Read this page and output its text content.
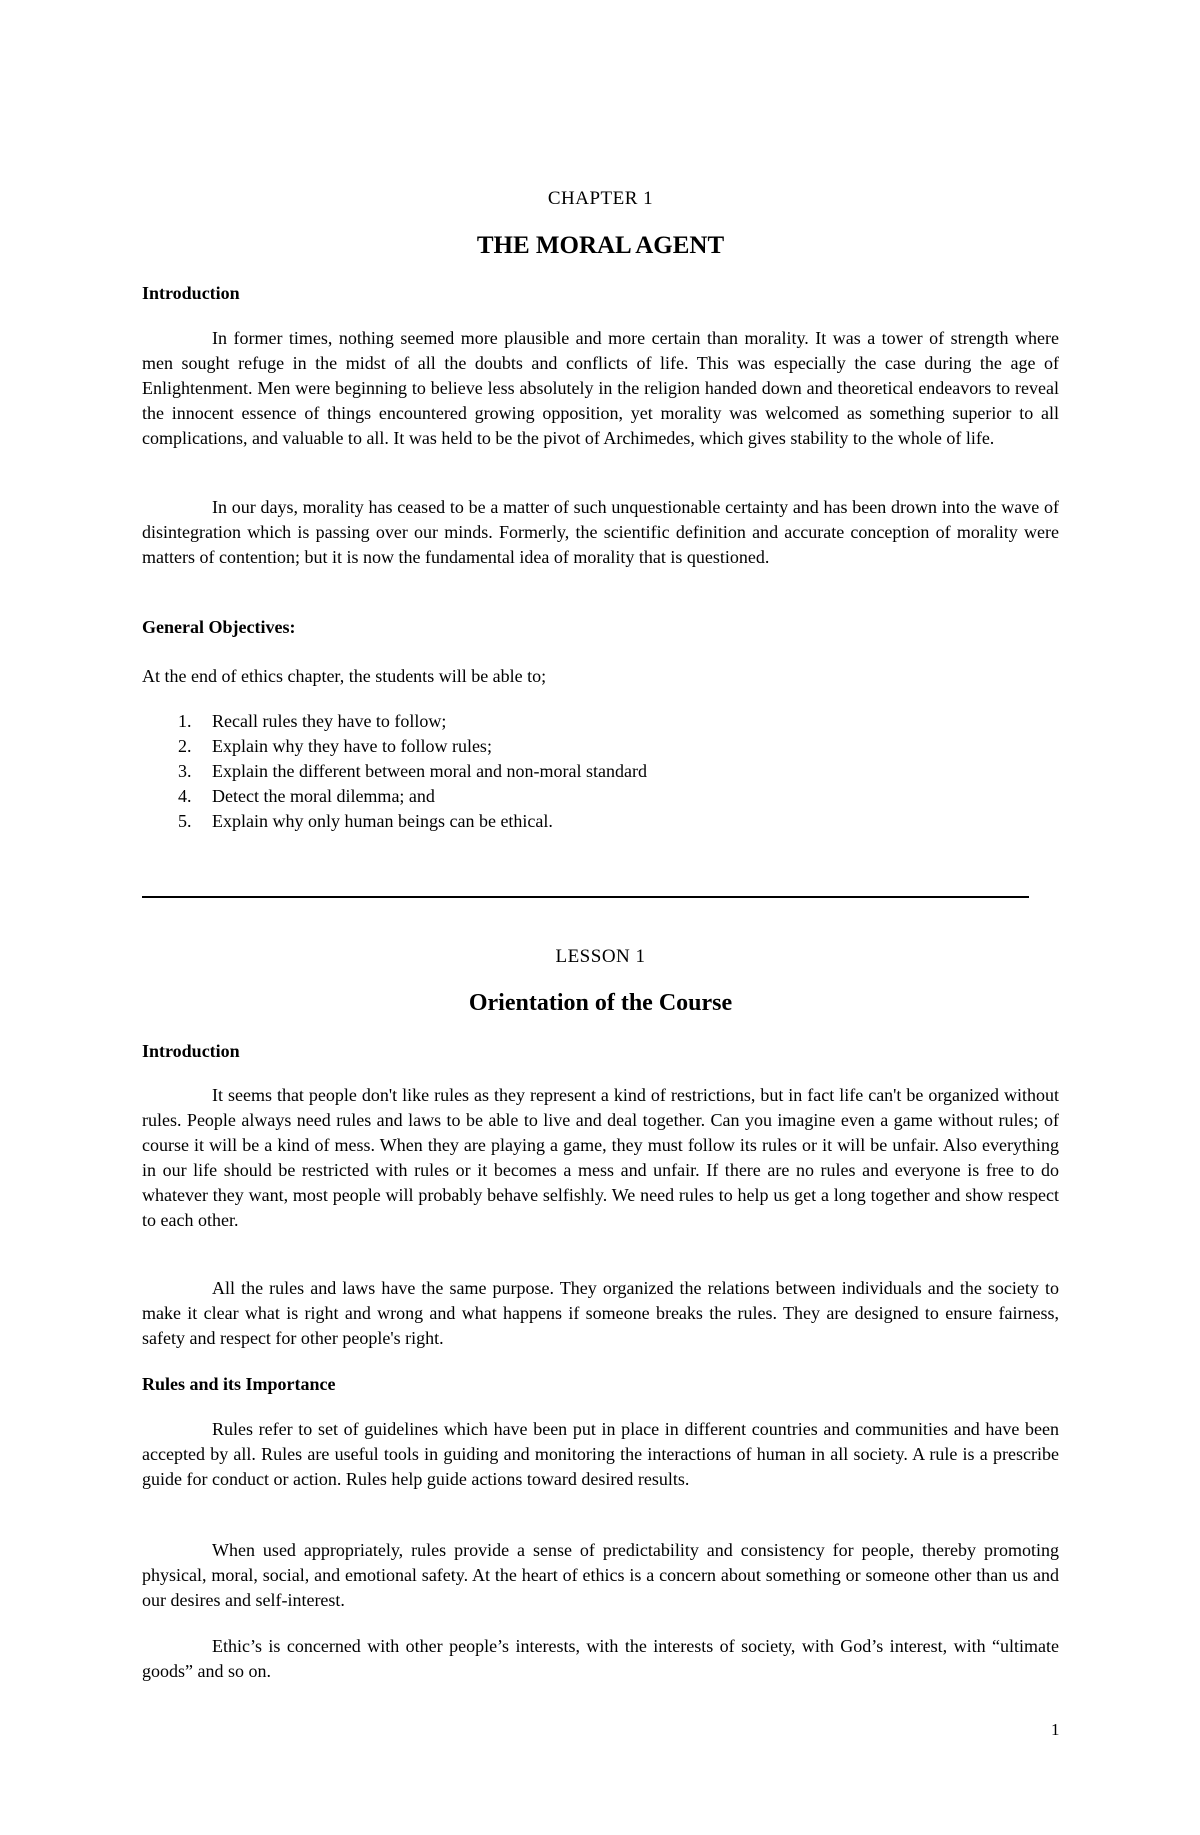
CHAPTER 1
THE MORAL AGENT
Introduction

In former times, nothing seemed more plausible and more certain than morality. It was a tower of strength where men sought refuge in the midst of all the doubts and conflicts of life. This was especially the case during the age of Enlightenment. Men were beginning to believe less absolutely in the religion handed down and theoretical endeavors to reveal the innocent essence of things encountered growing opposition, yet morality was welcomed as something superior to all complications, and valuable to all. It was held to be the pivot of Archimedes, which gives stability to the whole of life.

In our days, morality has ceased to be a matter of such unquestionable certainty and has been drown into the wave of disintegration which is passing over our minds. Formerly, the scientific definition and accurate conception of morality were matters of contention; but it is now the fundamental idea of morality that is questioned.

General Objectives:

At the end of ethics chapter, the students will be able to;

1. Recall rules they have to follow;
2. Explain why they have to follow rules;
3. Explain the different between moral and non-moral standard
4. Detect the moral dilemma; and
5. Explain why only human beings can be ethical.
LESSON 1
Orientation of the Course
Introduction

It seems that people don't like rules as they represent a kind of restrictions, but in fact life can't be organized without rules. People always need rules and laws to be able to live and deal together. Can you imagine even a game without rules; of course it will be a kind of mess. When they are playing a game, they must follow its rules or it will be unfair. Also everything in our life should be restricted with rules or it becomes a mess and unfair. If there are no rules and everyone is free to do whatever they want, most people will probably behave selfishly. We need rules to help us get a long together and show respect to each other.

All the rules and laws have the same purpose. They organized the relations between individuals and the society to make it clear what is right and wrong and what happens if someone breaks the rules. They are designed to ensure fairness, safety and respect for other people's right.

Rules and its Importance

Rules refer to set of guidelines which have been put in place in different countries and communities and have been accepted by all. Rules are useful tools in guiding and monitoring the interactions of human in all society. A rule is a prescribe guide for conduct or action. Rules help guide actions toward desired results.

When used appropriately, rules provide a sense of predictability and consistency for people, thereby promoting physical, moral, social, and emotional safety. At the heart of ethics is a concern about something or someone other than us and our desires and self-interest.

Ethic’s is concerned with other people’s interests, with the interests of society, with God’s interest, with “ultimate goods” and so on.

1
